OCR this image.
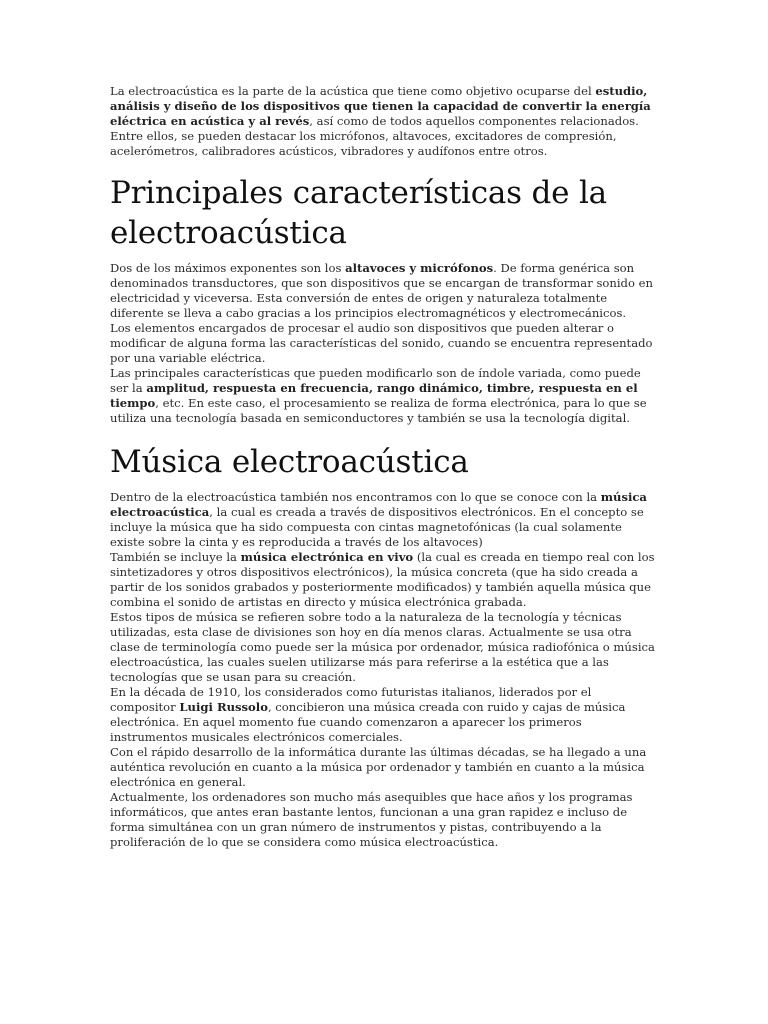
La electroacústica es la parte de la acústica que tiene como objetivo ocuparse del estudio, análisis y diseño de los dispositivos que tienen la capacidad de convertir la energía eléctrica en acústica y al revés, así como de todos aquellos componentes relacionados. Entre ellos, se pueden destacar los micrófonos, altavoces, excitadores de compresión, acelerómetros, calibradores acústicos, vibradores y audífonos entre otros.

Principales características de la electroacústica

Dos de los máximos exponentes son los altavoces y micrófonos. De forma genérica son denominados transductores, que son dispositivos que se encargan de transformar sonido en electricidad y viceversa. Esta conversión de entes de origen y naturaleza totalmente diferente se lleva a cabo gracias a los principios electromagnéticos y electromecánicos.

Los elementos encargados de procesar el audio son dispositivos que pueden alterar o modificar de alguna forma las características del sonido, cuando se encuentra representado por una variable eléctrica.

Las principales características que pueden modificarlo son de índole variada, como puede ser la amplitud, respuesta en frecuencia, rango dinámico, timbre, respuesta en el tiempo, etc. En este caso, el procesamiento se realiza de forma electrónica, para lo que se utiliza una tecnología basada en semiconductores y también se usa la tecnología digital.

Música electroacústica

Dentro de la electroacústica también nos encontramos con lo que se conoce con la música electroacústica, la cual es creada a través de dispositivos electrónicos. En el concepto se incluye la música que ha sido compuesta con cintas magnetofónicas (la cual solamente existe sobre la cinta y es reproducida a través de los altavoces)

También se incluye la música electrónica en vivo (la cual es creada en tiempo real con los sintetizadores y otros dispositivos electrónicos), la música concreta (que ha sido creada a partir de los sonidos grabados y posteriormente modificados) y también aquella música que combina el sonido de artistas en directo y música electrónica grabada.

Estos tipos de música se refieren sobre todo a la naturaleza de la tecnología y técnicas utilizadas, esta clase de divisiones son hoy en día menos claras. Actualmente se usa otra clase de terminología como puede ser la música por ordenador, música radiofónica o música electroacústica, las cuales suelen utilizarse más para referirse a la estética que a las tecnologías que se usan para su creación.

En la década de 1910, los considerados como futuristas italianos, liderados por el compositor Luigi Russolo, concibieron una música creada con ruido y cajas de música electrónica. En aquel momento fue cuando comenzaron a aparecer los primeros instrumentos musicales electrónicos comerciales.

Con el rápido desarrollo de la informática durante las últimas décadas, se ha llegado a una auténtica revolución en cuanto a la música por ordenador y también en cuanto a la música electrónica en general.

Actualmente, los ordenadores son mucho más asequibles que hace años y los programas informáticos, que antes eran bastante lentos, funcionan a una gran rapidez e incluso de forma simultánea con un gran número de instrumentos y pistas, contribuyendo a la proliferación de lo que se considera como música electroacústica.
